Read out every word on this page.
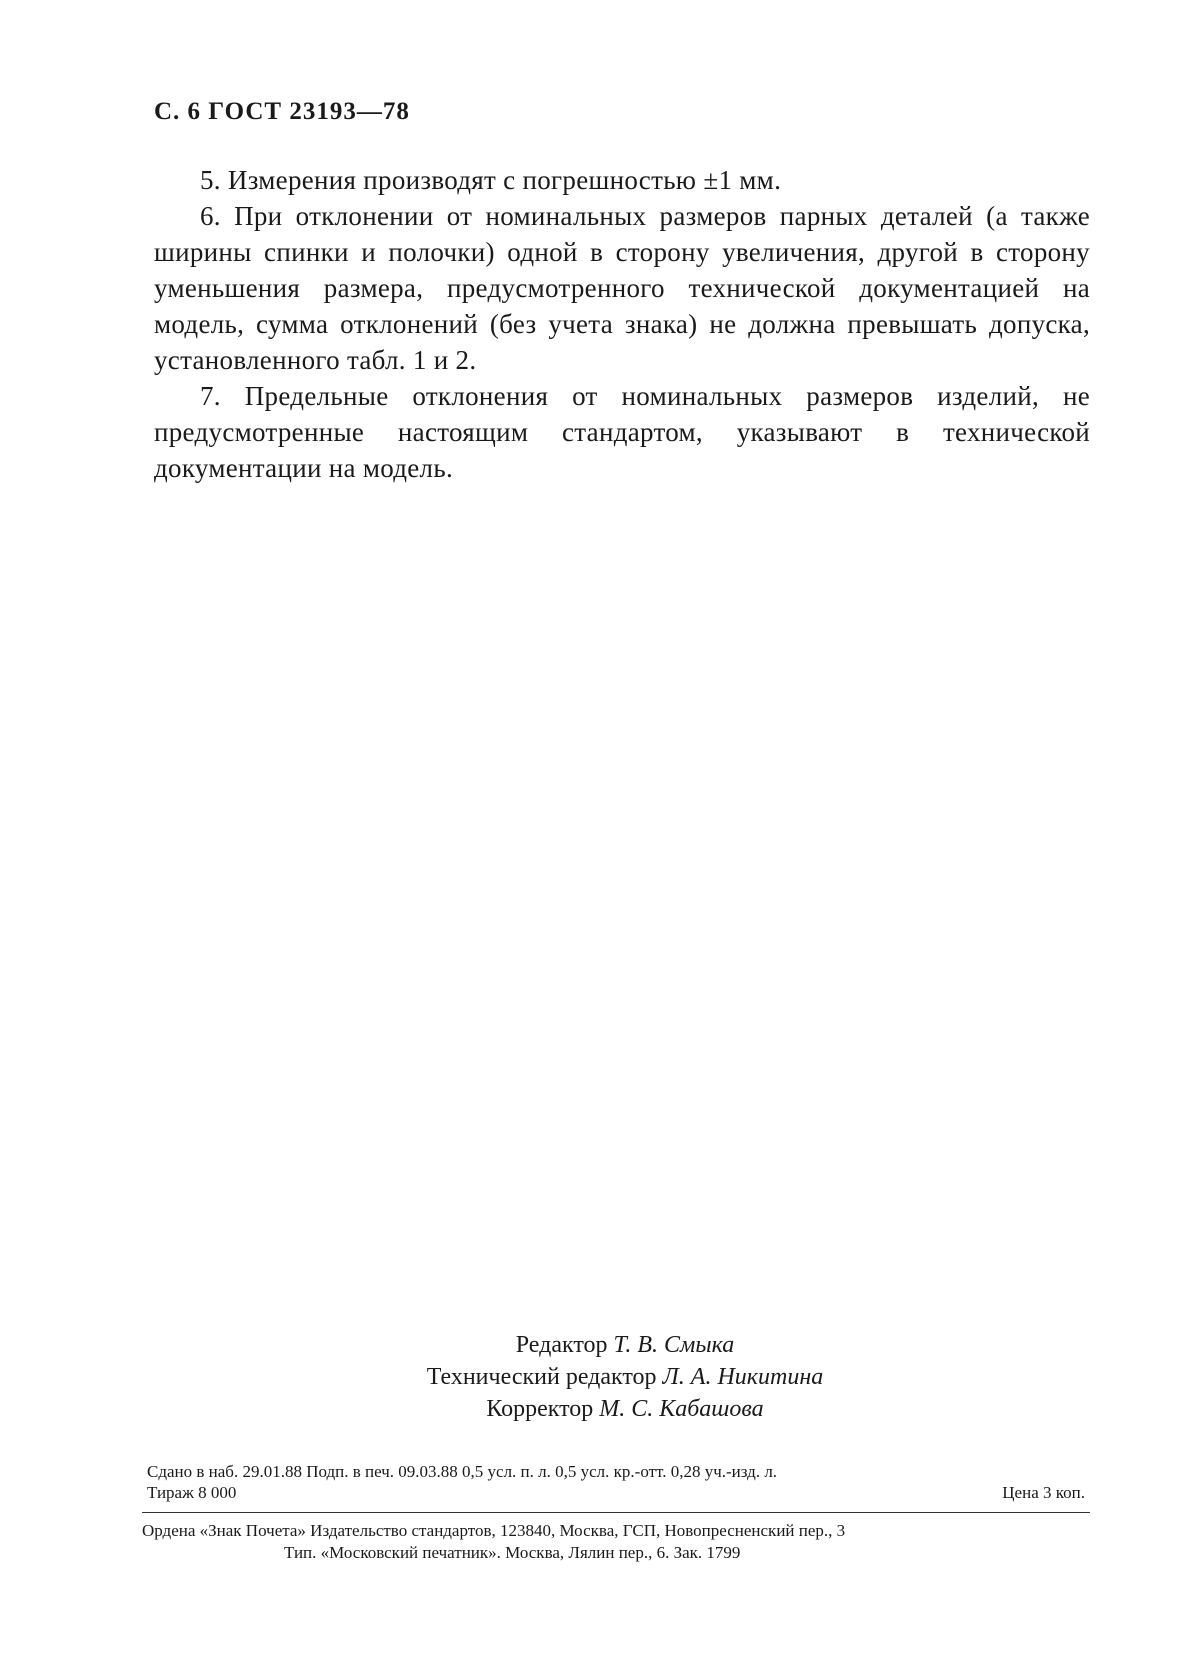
С. 6 ГОСТ 23193—78

5. Измерения производят с погрешностью ±1 мм.

6. При отклонении от номинальных размеров парных деталей (а также ширины спинки и полочки) одной в сторону увеличения, другой в сторону уменьшения размера, предусмотренного технической документацией на модель, сумма отклонений (без учета знака) не должна превышать допуска, установленного табл. 1 и 2.

7. Предельные отклонения от номинальных размеров изделий, не предусмотренные настоящим стандартом, указывают в технической документации на модель.

Редактор Т. В. Смыка
Технический редактор Л. А. Никитина
Корректор М. С. Кабашова
Сдано в наб. 29.01.88 Подп. в печ. 09.03.88 0,5 усл. п. л. 0,5 усл. кр.-отт. 0,28 уч.-изд. л.
Тираж 8 000	Цена 3 коп.
Ордена «Знак Почета» Издательство стандартов, 123840, Москва, ГСП, Новопресненский пер., 3
Тип. «Московский печатник». Москва, Лялин пер., 6. Зак. 1799
